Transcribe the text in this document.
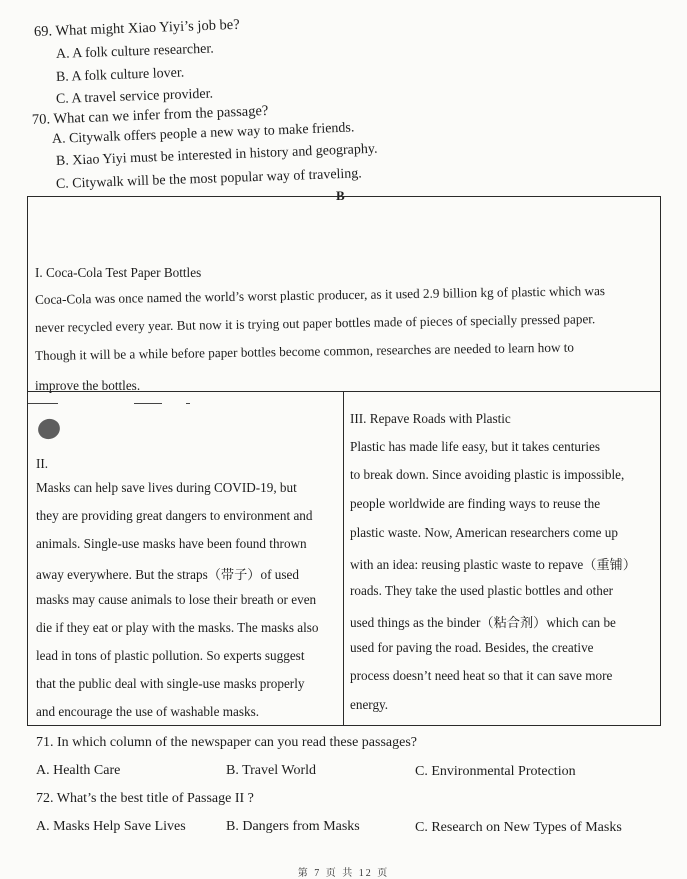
69. What might Xiao Yiyi’s job be?
A. A folk culture researcher.
B. A folk culture lover.
C. A travel service provider.
70. What can we infer from the passage?
A. Citywalk offers people a new way to make friends.
B. Xiao Yiyi must be interested in history and geography.
C. Citywalk will be the most popular way of traveling.
B
I. Coca-Cola Test Paper Bottles
Coca-Cola was once named the world’s worst plastic producer, as it used 2.9 billion kg of plastic which was
never recycled every year. But now it is trying out paper bottles made of pieces of specially pressed paper.
Though it will be a while before paper bottles become common, researches are needed to learn how to
improve the bottles.
II.
Masks can help save lives during COVID-19, but
they are providing great dangers to environment and
animals. Single-use masks have been found thrown
away everywhere. But the straps（带子）of used
masks may cause animals to lose their breath or even
die if they eat or play with the masks. The masks also
lead in tons of plastic pollution. So experts suggest
that the public deal with single-use masks properly
and encourage the use of washable masks.
III. Repave Roads with Plastic
Plastic has made life easy, but it takes centuries
to break down. Since avoiding plastic is impossible,
people worldwide are finding ways to reuse the
plastic waste. Now, American researchers come up
with an idea: reusing plastic waste to repave（重铺）
roads. They take the used plastic bottles and other
used things as the binder（粘合剂）which can be
used for paving the road. Besides, the creative
process doesn’t need heat so that it can save more
energy.
71. In which column of the newspaper can you read these passages?
A. Health Care	B. Travel World	C. Environmental Protection
72. What’s the best title of Passage II ?
A. Masks Help Save Lives	B. Dangers from Masks	C. Research on New Types of Masks
第 7 页 共 12 页
